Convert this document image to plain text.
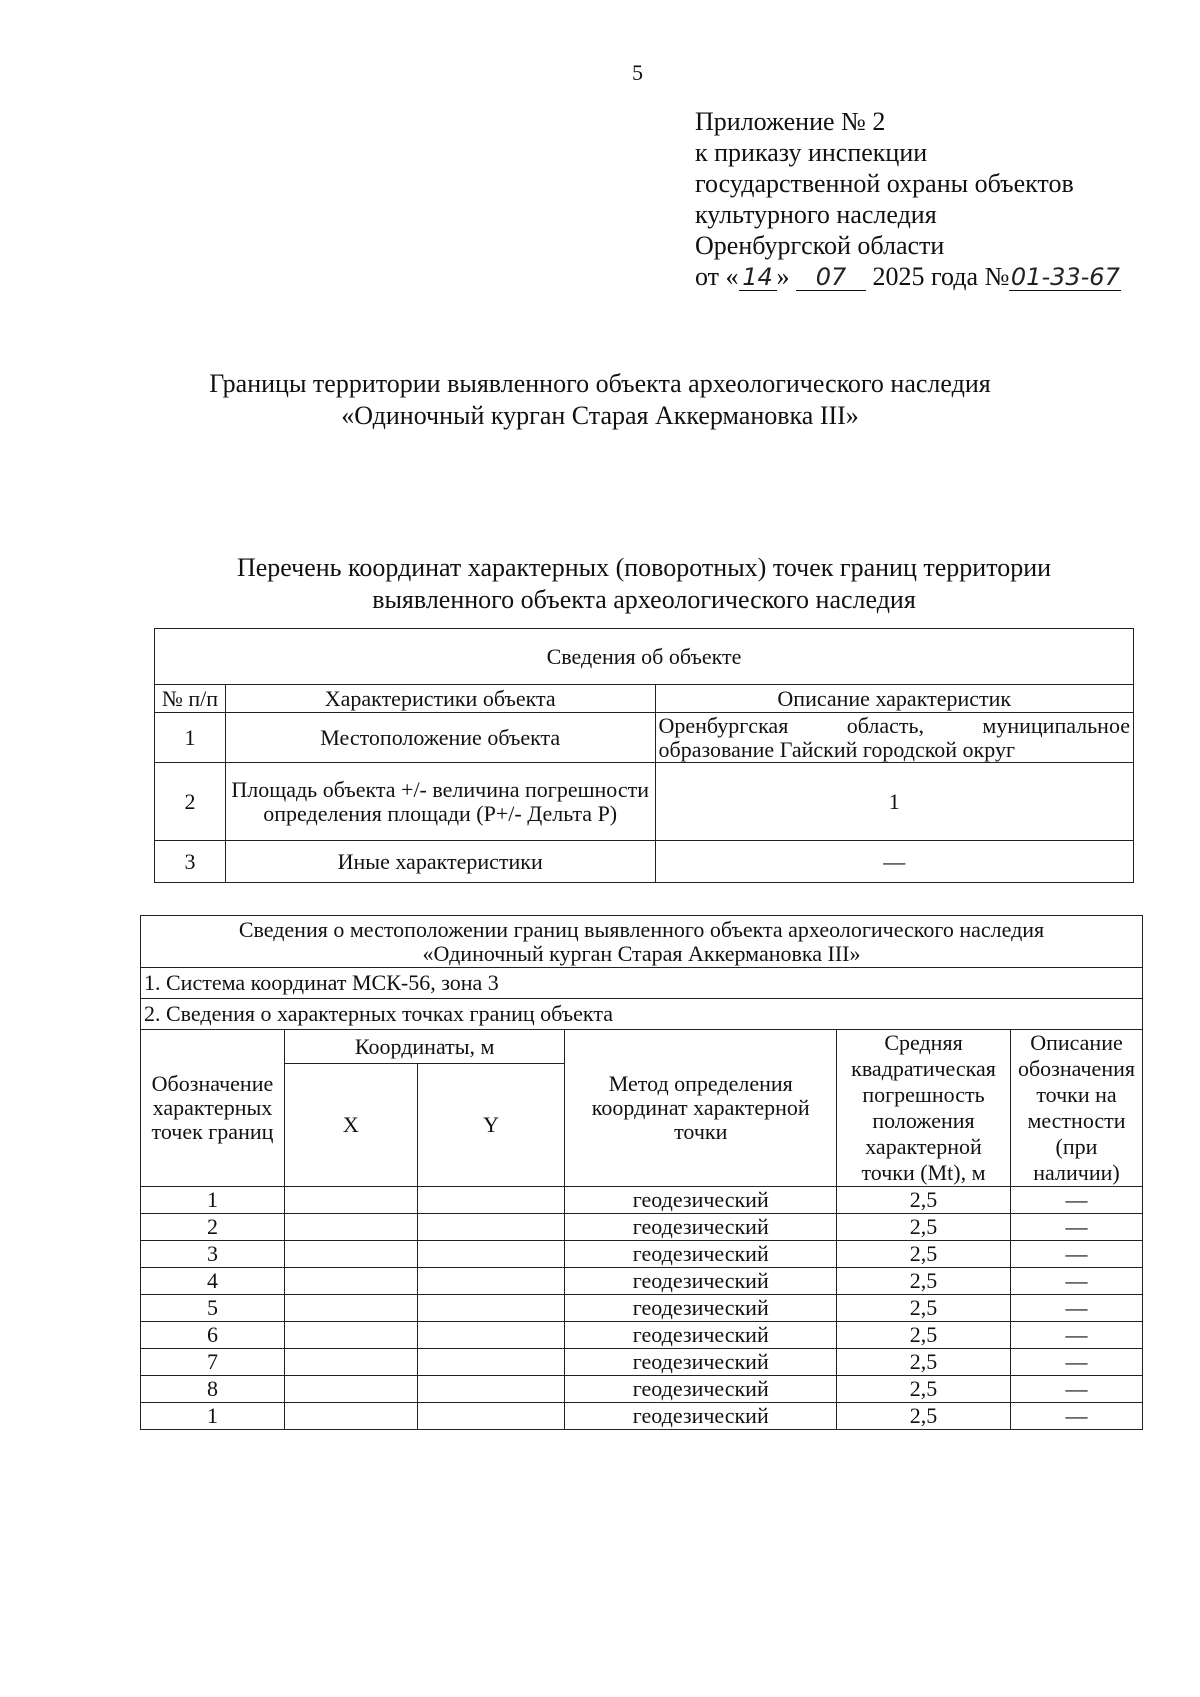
5
Приложение № 2
к приказу инспекции
государственной охраны объектов
культурного наследия
Оренбургской области
от « 14 » 07 2025 года №01-33-67
Границы территории выявленного объекта археологического наследия
«Одиночный курган Старая Аккермановка III»
Перечень координат характерных (поворотных) точек границ территории
выявленного объекта археологического наследия
Сведения об объекте		
№ п/п	Характеристики объекта	Описание характеристик
1	Местоположение объекта	Оренбургская область, муниципальное образование Гайский городской округ
2	Площадь объекта +/- величина погрешности определения площади (Р+/- Дельта Р)	1
3	Иные характеристики	—
Сведения о местоположении границ выявленного объекта археологического наследия
«Одиночный курган Старая Аккермановка III»					

1. Система координат МСК-56, зона 3					
2. Сведения о характерных точках границ объекта					
Обозначение характерных точек границ	Координаты, м		Метод определения координат характерной точки	Средняя квадратическая погрешность положения характерной точки (Mt), м	Описание обозначения точки на местности (при наличии)
	X	Y			
1			геодезический	2,5	—
2			геодезический	2,5	—
3			геодезический	2,5	—
4			геодезический	2,5	—
5			геодезический	2,5	—
6			геодезический	2,5	—
7			геодезический	2,5	—
8			геодезический	2,5	—
1			геодезический	2,5	—
